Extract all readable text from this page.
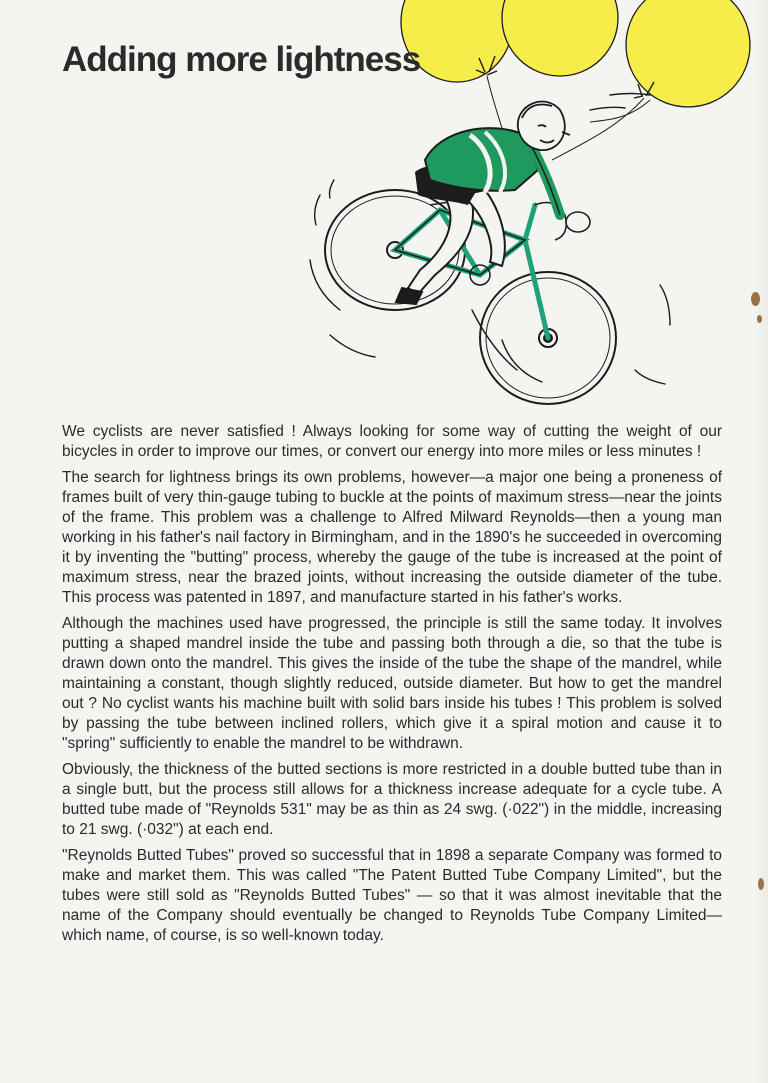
Adding more lightness

We cyclists are never satisfied ! Always looking for some way of cutting the weight of our bicycles in order to improve our times, or convert our energy into more miles or less minutes !

The search for lightness brings its own problems, however—a major one being a proneness of frames built of very thin-gauge tubing to buckle at the points of maximum stress—near the joints of the frame. This problem was a challenge to Alfred Milward Reynolds—then a young man working in his father's nail factory in Birmingham, and in the 1890's he succeeded in overcoming it by inventing the "butting" process, whereby the gauge of the tube is increased at the point of maximum stress, near the brazed joints, without increasing the outside diameter of the tube. This process was patented in 1897, and manufacture started in his father's works.

Although the machines used have progressed, the principle is still the same today. It involves putting a shaped mandrel inside the tube and passing both through a die, so that the tube is drawn down onto the mandrel. This gives the inside of the tube the shape of the mandrel, while maintaining a constant, though slightly reduced, outside diameter. But how to get the mandrel out ? No cyclist wants his machine built with solid bars inside his tubes ! This problem is solved by passing the tube between inclined rollers, which give it a spiral motion and cause it to "spring" sufficiently to enable the mandrel to be withdrawn.

Obviously, the thickness of the butted sections is more restricted in a double butted tube than in a single butt, but the process still allows for a thickness increase adequate for a cycle tube. A butted tube made of "Reynolds 531" may be as thin as 24 swg. (·022") in the middle, increasing to 21 swg. (·032") at each end.

"Reynolds Butted Tubes" proved so successful that in 1898 a separate Company was formed to make and market them. This was called "The Patent Butted Tube Company Limited", but the tubes were still sold as "Reynolds Butted Tubes" — so that it was almost inevitable that the name of the Company should eventually be changed to Reynolds Tube Company Limited—which name, of course, is so well-known today.
